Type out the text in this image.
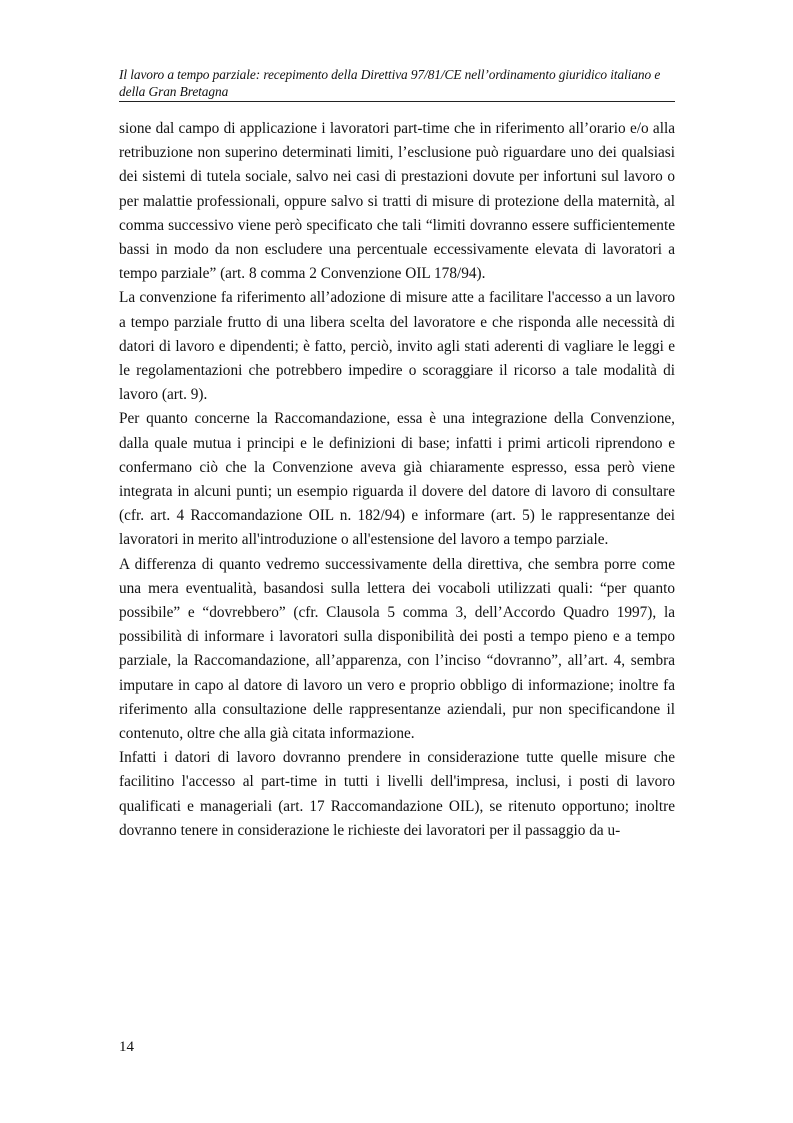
Il lavoro a tempo parziale: recepimento della Direttiva 97/81/CE nell’ordinamento giuridico italiano e
della Gran Bretagna

sione dal campo di applicazione i lavoratori part-time che in riferimento all’orario e/o alla retribuzione non superino determinati limiti, l’esclusione può riguardare uno dei qualsiasi dei sistemi di tutela sociale, salvo nei casi di prestazioni dovute per infortuni sul lavoro o per malattie professionali, oppure salvo si tratti di misure di protezione della maternità, al comma successivo viene però specificato che tali “limiti dovranno essere sufficientemente bassi in modo da non escludere una percentuale eccessivamente elevata di lavoratori a tempo parziale” (art. 8 comma 2 Convenzione OIL 178/94).

La convenzione fa riferimento all’adozione di misure atte a facilitare l'accesso a un lavoro a tempo parziale frutto di una libera scelta del lavoratore e che risponda alle necessità di datori di lavoro e dipendenti; è fatto, perciò, invito agli stati aderenti di vagliare le leggi e le regolamentazioni che potrebbero impedire o scoraggiare il ricorso a tale modalità di lavoro (art. 9).

Per quanto concerne la Raccomandazione, essa è una integrazione della Convenzione, dalla quale mutua i principi e le definizioni di base; infatti i primi articoli riprendono e confermano ciò che la Convenzione aveva già chiaramente espresso, essa però viene integrata in alcuni punti; un esempio riguarda il dovere del datore di lavoro di consultare (cfr. art. 4 Raccomandazione OIL n. 182/94) e informare (art. 5) le rappresentanze dei lavoratori in merito all'introduzione o all'estensione del lavoro a tempo parziale.

A differenza di quanto vedremo successivamente della direttiva, che sembra porre come una mera eventualità, basandosi sulla lettera dei vocaboli utilizzati quali: “per quanto possibile” e “dovrebbero” (cfr. Clausola 5 comma 3, dell’Accordo Quadro 1997), la possibilità di informare i lavoratori sulla disponibilità dei posti a tempo pieno e a tempo parziale, la Raccomandazione, all’apparenza, con l’inciso “dovranno”, all’art. 4, sembra imputare in capo al datore di lavoro un vero e proprio obbligo di informazione; inoltre fa riferimento alla consultazione delle rappresentanze aziendali, pur non specificandone il contenuto, oltre che alla già citata informazione.

Infatti i datori di lavoro dovranno prendere in considerazione tutte quelle misure che facilitino l'accesso al part-time in tutti i livelli dell'impresa, inclusi, i posti di lavoro qualificati e manageriali (art. 17 Raccomandazione OIL), se ritenuto opportuno; inoltre dovranno tenere in considerazione le richieste dei lavoratori per il passaggio da u-

14
